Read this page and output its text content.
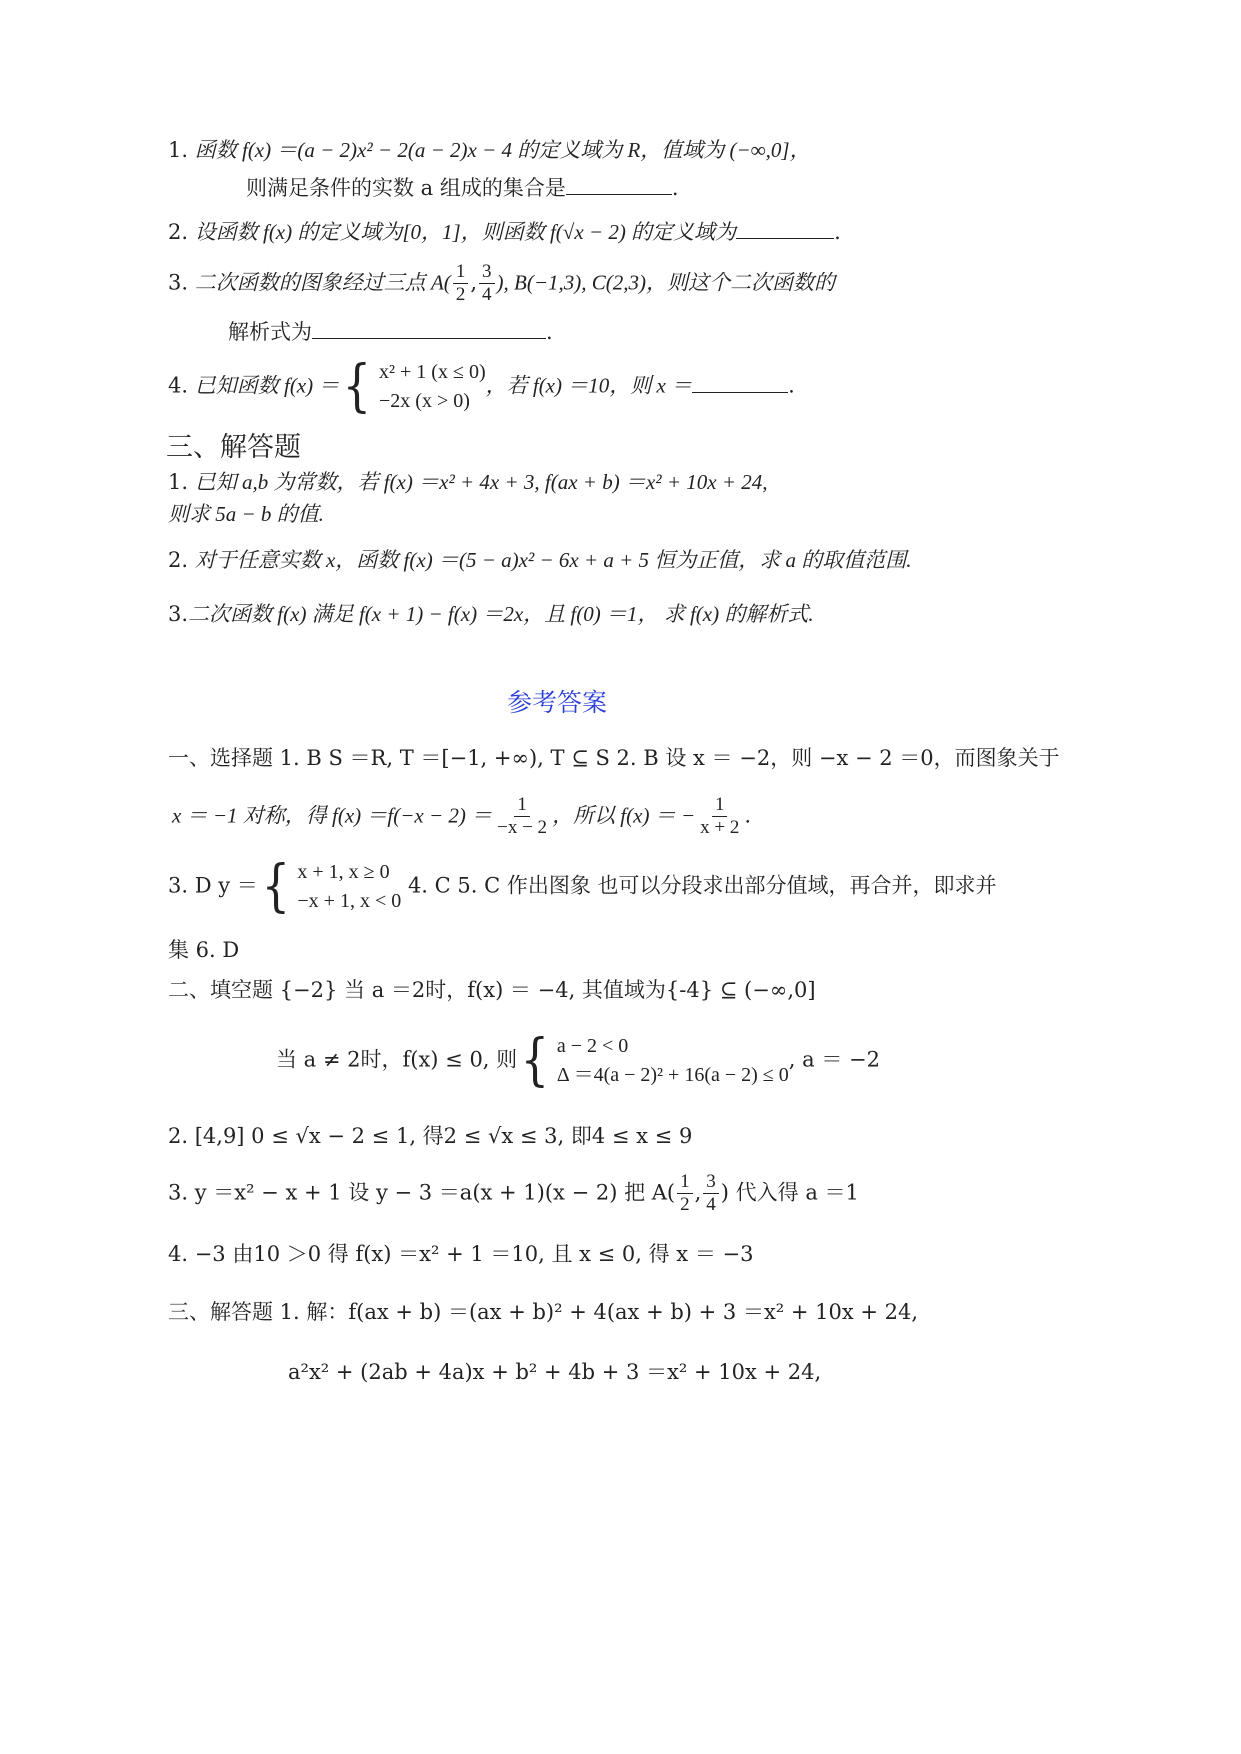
1. 函数 f(x) ＝(a − 2)x² − 2(a − 2)x − 4 的定义域为 R，值域为 (−∞,0]，
则满足条件的实数 a 组成的集合是	.
2. 设函数 f(x) 的定义域为[0，1]，则函数 f(√x − 2) 的定义域为	.
3. 二次函数的图象经过三点 $A( \frac{1}{2}$ , $\frac{3}{4}$ ), B(−1,3), C(2,3)，则这个二次函数的
解析式为	.
4. 已知函数 f(x) ＝ { x² + 1 (x ≤ 0)
−2x (x > 0)
，若 f(x) ＝10，则 x ＝	.
三、解答题
1. 已知 a,b 为常数，若 f(x) ＝x² + 4x + 3, f(ax + b) ＝x² + 10x + 24,
则求 5a − b 的值.
2. 对于任意实数 x，函数 f(x) ＝(5 − a)x² − 6x + a + 5 恒为正值，求 a 的取值范围.
3.二次函数 f(x) 满足 f(x + 1) − f(x) ＝2x，且 f(0) ＝1， 求 f(x) 的解析式.
参考答案
一、选择题 1. B S ＝R, T ＝[−1, +∞), T ⊆ S 2. B 设 x ＝ −2，则 −x − 2 ＝0，而图象关于
x ＝ −1 对称，得 $f(x) =f(-x - 2) = \frac{1}{-x - 2}$ ，所以 f(x) ＝ − $\frac{1}{x + 2}$ .
3. D y ＝ { x + 1, x ≥ 0
−x + 1, x < 0
4. C 5. C 作出图象 也可以分段求出部分值域，再合并，即求并
集 6. D
二、填空题 {−2} 当 a ＝2时，f(x) ＝ −4, 其值域为{-4} ⊆ (−∞,0]
当 a ≠ 2时，f(x) ≤ 0, 则 { a − 2 < 0
Δ ＝4(a − 2)² + 16(a − 2) ≤ 0
, a ＝ −2
2. [4,9] 0 ≤ √x − 2 ≤ 1, 得2 ≤ √x ≤ 3, 即4 ≤ x ≤ 9
3. y ＝x² − x + 1 设 y − 3 ＝a(x + 1)(x − 2) 把 $A( \frac{1}{2}$ , $\frac{3}{4}$ ) 代入得 a ＝1
4. −3 由10 ＞0 得 f(x) ＝x² + 1 ＝10, 且 x ≤ 0, 得 x ＝ −3
三、解答题 1. 解：f(ax + b) ＝(ax + b)² + 4(ax + b) + 3 ＝x² + 10x + 24,
a²x² + (2ab + 4a)x + b² + 4b + 3 ＝x² + 10x + 24,
